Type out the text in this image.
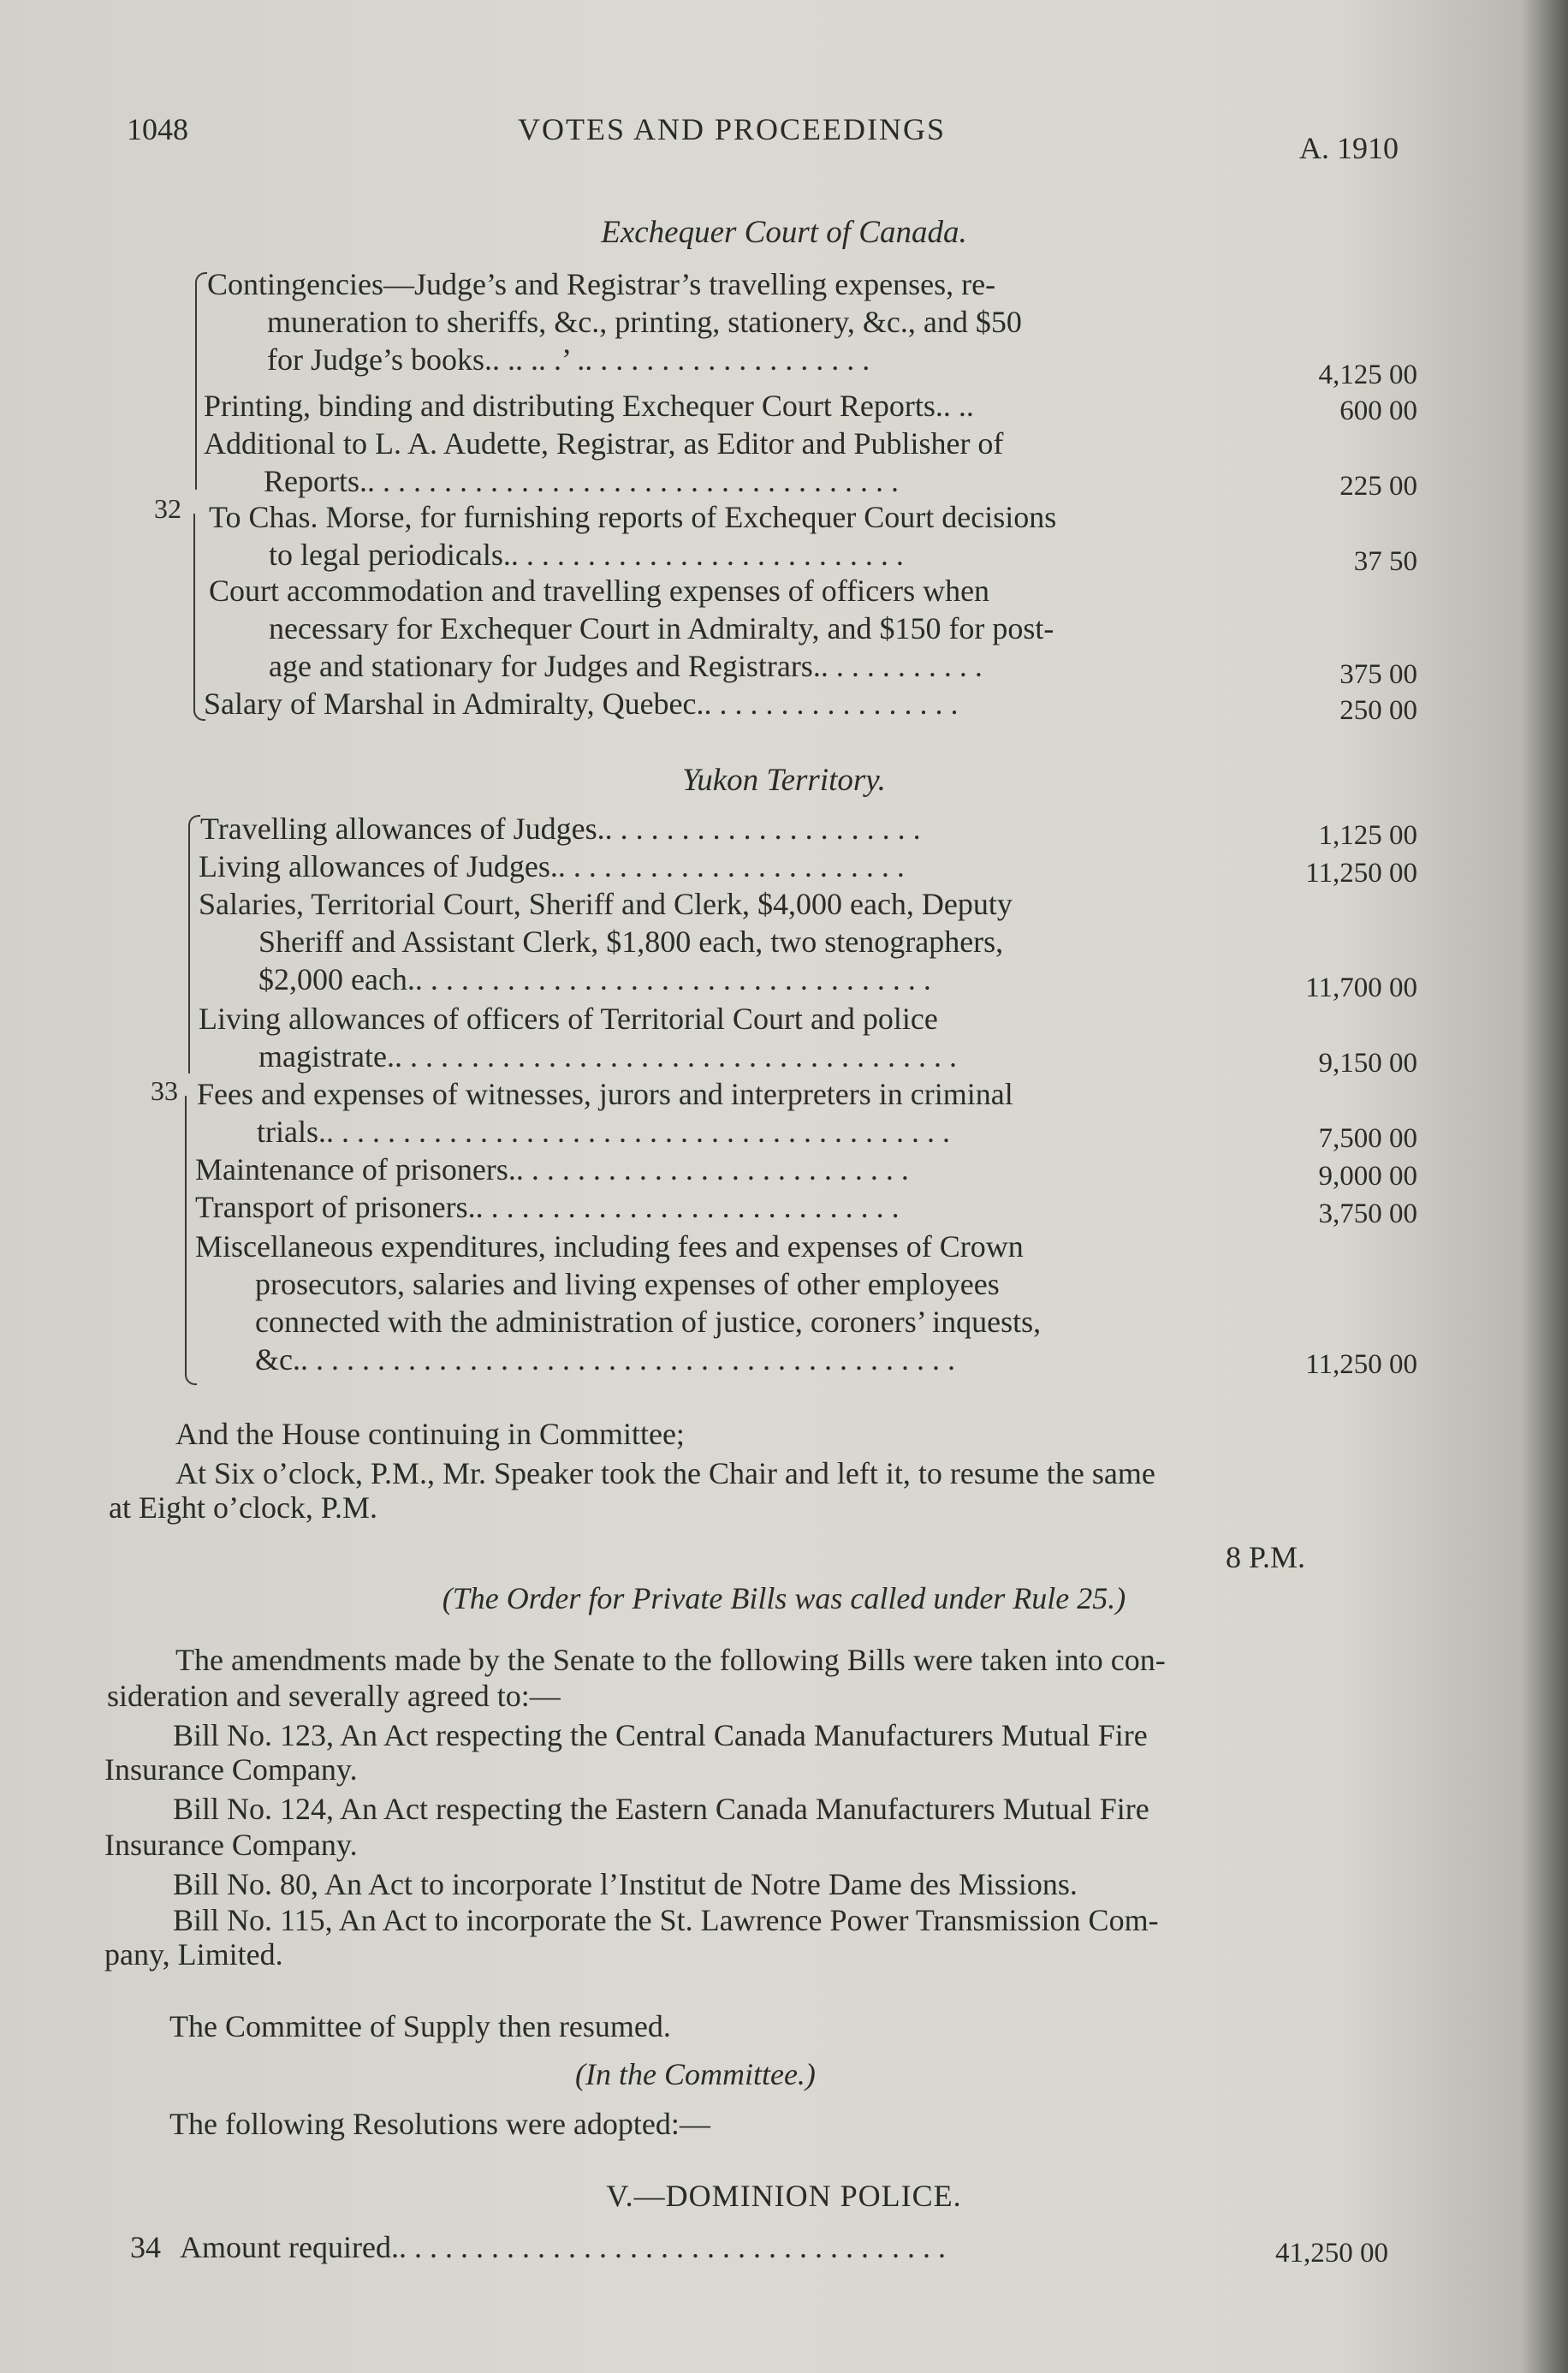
1048	VOTES AND PROCEEDINGS
A. 1910
Exchequer Court of Canada.
32
Contingencies—Judge’s and Registrar’s travelling expenses, re-
muneration to sheriffs, &c., printing, stationery, &c., and $50
for Judge’s books.. .. .. .’ .. . . . . . . . . . . . . . . . . . .	4,125 00
Printing, binding and distributing Exchequer Court Reports.. ..	600 00
Additional to L. A. Audette, Registrar, as Editor and Publisher of
Reports.. . . . . . . . . . . . . . . . . . . . . . . . . . . . . . . . . . .	225 00
To Chas. Morse, for furnishing reports of Exchequer Court decisions
to legal periodicals.. . . . . . . . . . . . . . . . . . . . . . . . . .	37 50
Court accommodation and travelling expenses of officers when
necessary for Exchequer Court in Admiralty, and $150 for post-
age and stationary for Judges and Registrars.. . . . . . . . . . .	375 00
Salary of Marshal in Admiralty, Quebec.. . . . . . . . . . . . . . . . .	250 00
Yukon Territory.
33
Travelling allowances of Judges.. . . . . . . . . . . . . . . . . . . . .	1,125 00
Living allowances of Judges.. . . . . . . . . . . . . . . . . . . . . . .	11,250 00
Salaries, Territorial Court, Sheriff and Clerk, $4,000 each, Deputy
Sheriff and Assistant Clerk, $1,800 each, two stenographers,
$2,000 each.. . . . . . . . . . . . . . . . . . . . . . . . . . . . . . . . . .	11,700 00
Living allowances of officers of Territorial Court and police
magistrate.. . . . . . . . . . . . . . . . . . . . . . . . . . . . . . . . . . . . .	9,150 00
Fees and expenses of witnesses, jurors and interpreters in criminal
trials.. . . . . . . . . . . . . . . . . . . . . . . . . . . . . . . . . . . . . . . . .	7,500 00
Maintenance of prisoners.. . . . . . . . . . . . . . . . . . . . . . . . . .	9,000 00
Transport of prisoners.. . . . . . . . . . . . . . . . . . . . . . . . . . . .	3,750 00
Miscellaneous expenditures, including fees and expenses of Crown
prosecutors, salaries and living expenses of other employees
connected with the administration of justice, coroners’ inquests,
&c.. . . . . . . . . . . . . . . . . . . . . . . . . . . . . . . . . . . . . . . . . . .	11,250 00
And the House continuing in Committee;
At Six o’clock, P.M., Mr. Speaker took the Chair and left it, to resume the same
at Eight o’clock, P.M.
8 P.M.
(The Order for Private Bills was called under Rule 25.)
The amendments made by the Senate to the following Bills were taken into con-
sideration and severally agreed to:—
Bill No. 123, An Act respecting the Central Canada Manufacturers Mutual Fire
Insurance Company.
Bill No. 124, An Act respecting the Eastern Canada Manufacturers Mutual Fire
Insurance Company.
Bill No. 80, An Act to incorporate l’Institut de Notre Dame des Missions.
Bill No. 115, An Act to incorporate the St. Lawrence Power Transmission Com-
pany, Limited.
The Committee of Supply then resumed.
(In the Committee.)
The following Resolutions were adopted:—
V.—DOMINION POLICE.
34 Amount required.. . . . . . . . . . . . . . . . . . . . . . . . . . . . . . . . . . . .	41,250 00
